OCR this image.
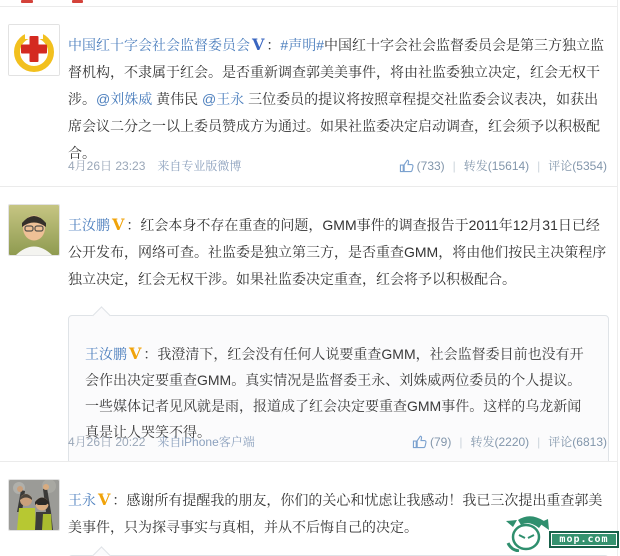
中国红十字会社会监督委员会 V ：#声明#中国红十字会社会监督委员会是第三方独立监督机构，不隶属于红会。是否重新调查郭美美事件，将由社监委独立决定，红会无权干涉。@刘姝威 黄伟民 @王永 三位委员的提议将按照章程提交社监委会议表决，如获出席会议二分之一以上委员赞成方为通过。如果社监委决定启动调查，红会须予以积极配合。

4月26日 23:23 来自专业版微博	(733) | 转发(15614) | 评论(5354)

王汝鹏 V ：红会本身不存在重查的问题，GMM事件的调查报告于2011年12月31日已经公开发布，网络可查。社监委是独立第三方，是否重查GMM，将由他们按民主决策程序独立决定，红会无权干涉。如果社监委决定重查，红会将予以积极配合。

王汝鹏 V ：我澄清下，红会没有任何人说要重查GMM，社会监督委目前也没有开会作出决定要重查GMM。真实情况是监督委王永、刘姝威两位委员的个人提议。一些媒体记者见风就是雨，报道成了红会决定要重查GMM事件。这样的乌龙新闻真是让人哭笑不得。

4月26日 20:22 来自iPhone客户端	(79) | 转发(2220) | 评论(6813)

王永 V ：感谢所有提醒我的朋友，你们的关心和忧虑让我感动！我已三次提出重查郭美美事件，只为探寻事实与真相，并从不后悔自己的决定。

mop.com
